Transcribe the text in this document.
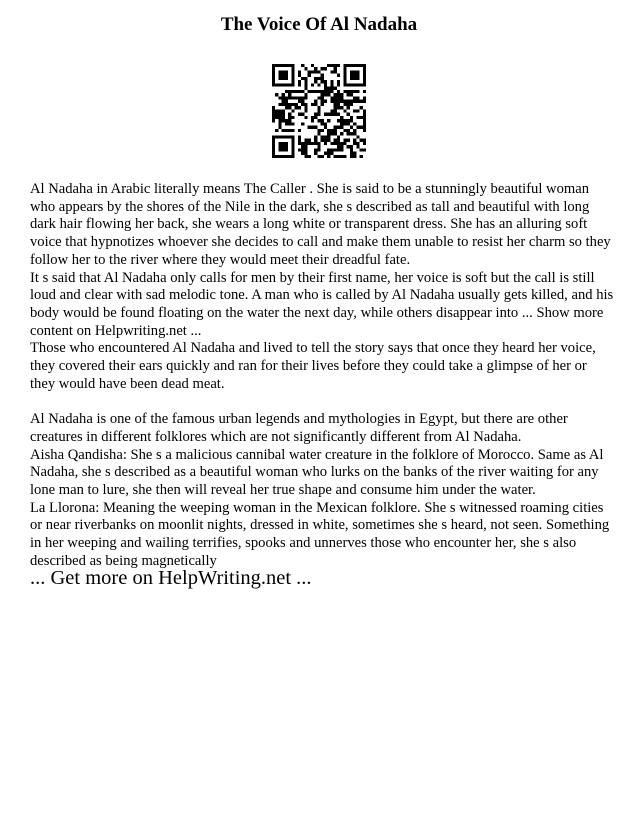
The Voice Of Al Nadaha

Al Nadaha in Arabic literally means The Caller . She is said to be a stunningly beautiful woman who appears by the shores of the Nile in the dark, she s described as tall and beautiful with long dark hair flowing her back, she wears a long white or transparent dress. She has an alluring soft voice that hypnotizes whoever she decides to call and make them unable to resist her charm so they follow her to the river where they would meet their dreadful fate.

It s said that Al Nadaha only calls for men by their first name, her voice is soft but the call is still loud and clear with sad melodic tone. A man who is called by Al Nadaha usually gets killed, and his body would be found floating on the water the next day, while others disappear into ... Show more content on Helpwriting.net ...

Those who encountered Al Nadaha and lived to tell the story says that once they heard her voice, they covered their ears quickly and ran for their lives before they could take a glimpse of her or they would have been dead meat.

Al Nadaha is one of the famous urban legends and mythologies in Egypt, but there are other creatures in different folklores which are not significantly different from Al Nadaha.

Aisha Qandisha: She s a malicious cannibal water creature in the folklore of Morocco. Same as Al Nadaha, she s described as a beautiful woman who lurks on the banks of the river waiting for any lone man to lure, she then will reveal her true shape and consume him under the water.

La Llorona: Meaning the weeping woman in the Mexican folklore. She s witnessed roaming cities or near riverbanks on moonlit nights, dressed in white, sometimes she s heard, not seen. Something in her weeping and wailing terrifies, spooks and unnerves those who encounter her, she s also described as being magnetically

... Get more on HelpWriting.net ...
